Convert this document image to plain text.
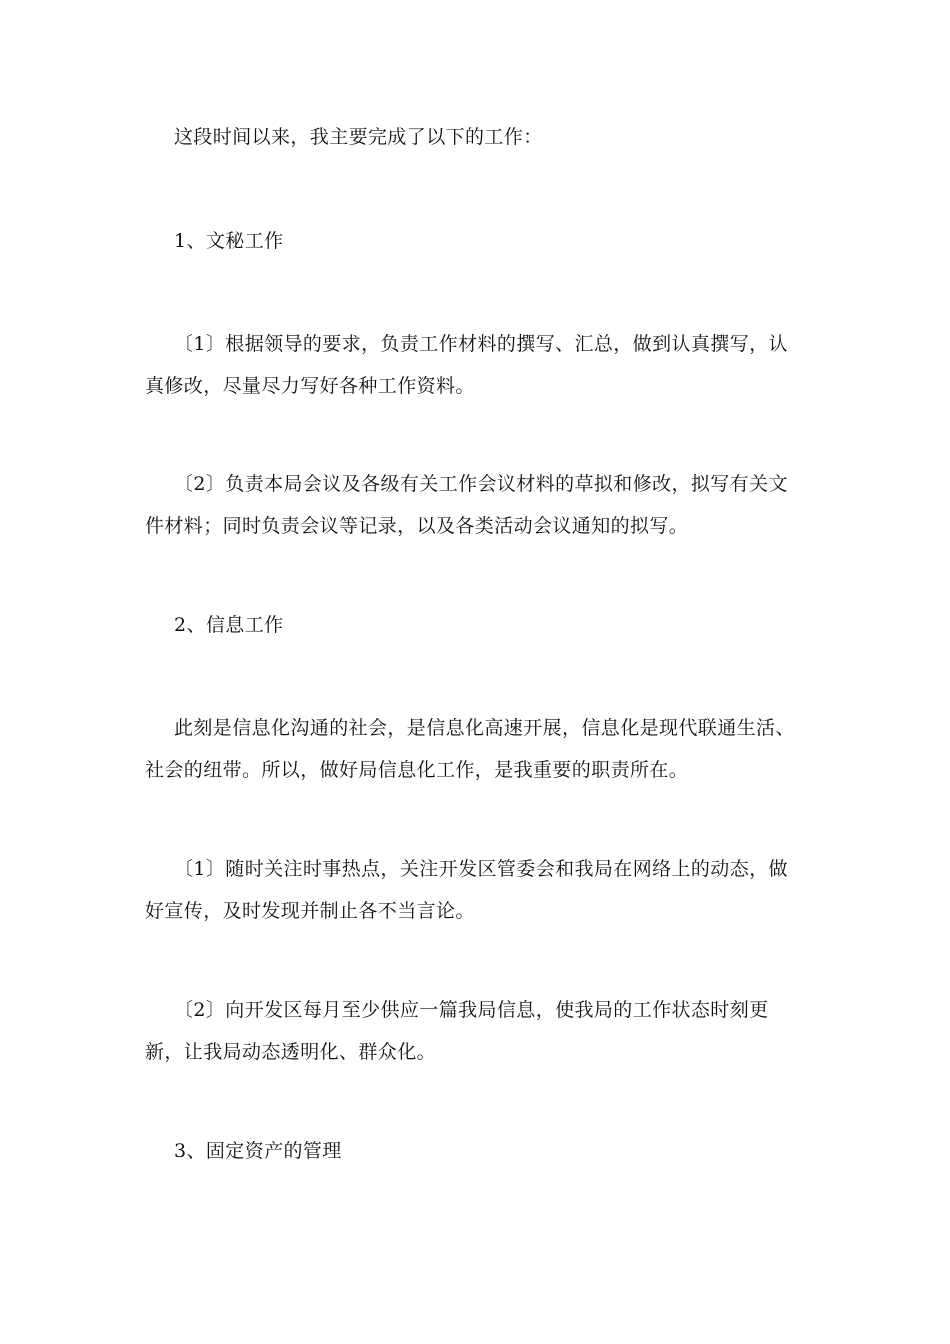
这段时间以来，我主要完成了以下的工作：

1、文秘工作

〔1〕根据领导的要求，负责工作材料的撰写、汇总，做到认真撰写，认真修改，尽量尽力写好各种工作资料。

〔2〕负责本局会议及各级有关工作会议材料的草拟和修改，拟写有关文件材料；同时负责会议等记录，以及各类活动会议通知的拟写。

2、信息工作

此刻是信息化沟通的社会，是信息化高速开展，信息化是现代联通生活、社会的纽带。所以，做好局信息化工作，是我重要的职责所在。

〔1〕随时关注时事热点，关注开发区管委会和我局在网络上的动态，做好宣传，及时发现并制止各不当言论。

〔2〕向开发区每月至少供应一篇我局信息，使我局的工作状态时刻更新，让我局动态透明化、群众化。

3、固定资产的管理
